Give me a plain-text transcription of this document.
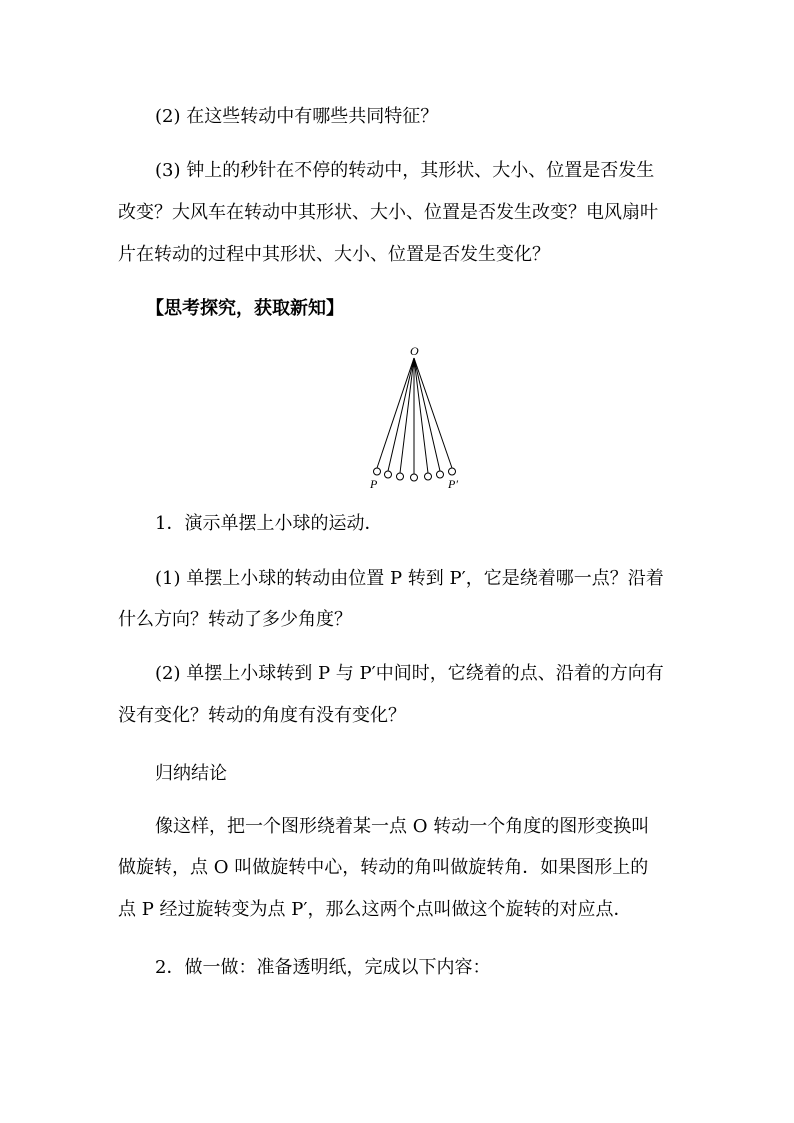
(2) 在这些转动中有哪些共同特征？

(3) 钟上的秒针在不停的转动中，其形状、大小、位置是否发生

改变？大风车在转动中其形状、大小、位置是否发生改变？电风扇叶

片在转动的过程中其形状、大小、位置是否发生变化？

【思考探究，获取新知】

O
P	P′

1．演示单摆上小球的运动．

(1) 单摆上小球的转动由位置 P 转到 P′，它是绕着哪一点？沿着

什么方向？转动了多少角度？

(2) 单摆上小球转到 P 与 P′中间时，它绕着的点、沿着的方向有

没有变化？转动的角度有没有变化？

归纳结论

像这样，把一个图形绕着某一点 O 转动一个角度的图形变换叫

做旋转，点 O 叫做旋转中心，转动的角叫做旋转角．如果图形上的

点 P 经过旋转变为点 P′，那么这两个点叫做这个旋转的对应点．

2．做一做：准备透明纸，完成以下内容：
